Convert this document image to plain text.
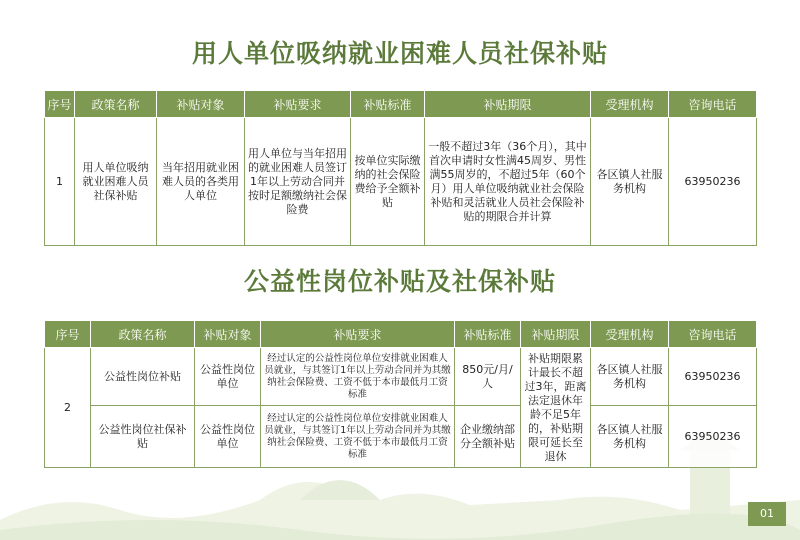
用人单位吸纳就业困难人员社保补贴
序号	政策名称	补贴对象	补贴要求	补贴标准	补贴期限	受理机构	咨询电话
1	用人单位吸纳就业困难人员社保补贴	当年招用就业困难人员的各类用人单位	用人单位与当年招用的就业困难人员签订1年以上劳动合同并按时足额缴纳社会保险费	按单位实际缴纳的社会保险费给予全额补贴	一般不超过3年（36个月），其中首次申请时女性满45周岁、男性满55周岁的，不超过5年（60个月）用人单位吸纳就业社会保险补贴和灵活就业人员社会保险补贴的期限合并计算	各区镇人社服务机构	63950236
公益性岗位补贴及社保补贴
序号	政策名称	补贴对象	补贴要求	补贴标准	补贴期限	受理机构	咨询电话
2	公益性岗位补贴	公益性岗位单位	经过认定的公益性岗位单位安排就业困难人员就业，与其签订1年以上劳动合同并为其缴纳社会保险费、工资不低于本市最低月工资标准	850元/月/人	补贴期限累计最长不超过3年，距离法定退休年龄不足5年的，补贴期限可延长至退休	各区镇人社服务机构	63950236
	公益性岗位社保补贴	公益性岗位单位	经过认定的公益性岗位单位安排就业困难人员就业，与其签订1年以上劳动合同并为其缴纳社会保险费、工资不低于本市最低月工资标准	企业缴纳部分全额补贴		各区镇人社服务机构	63950236
01
